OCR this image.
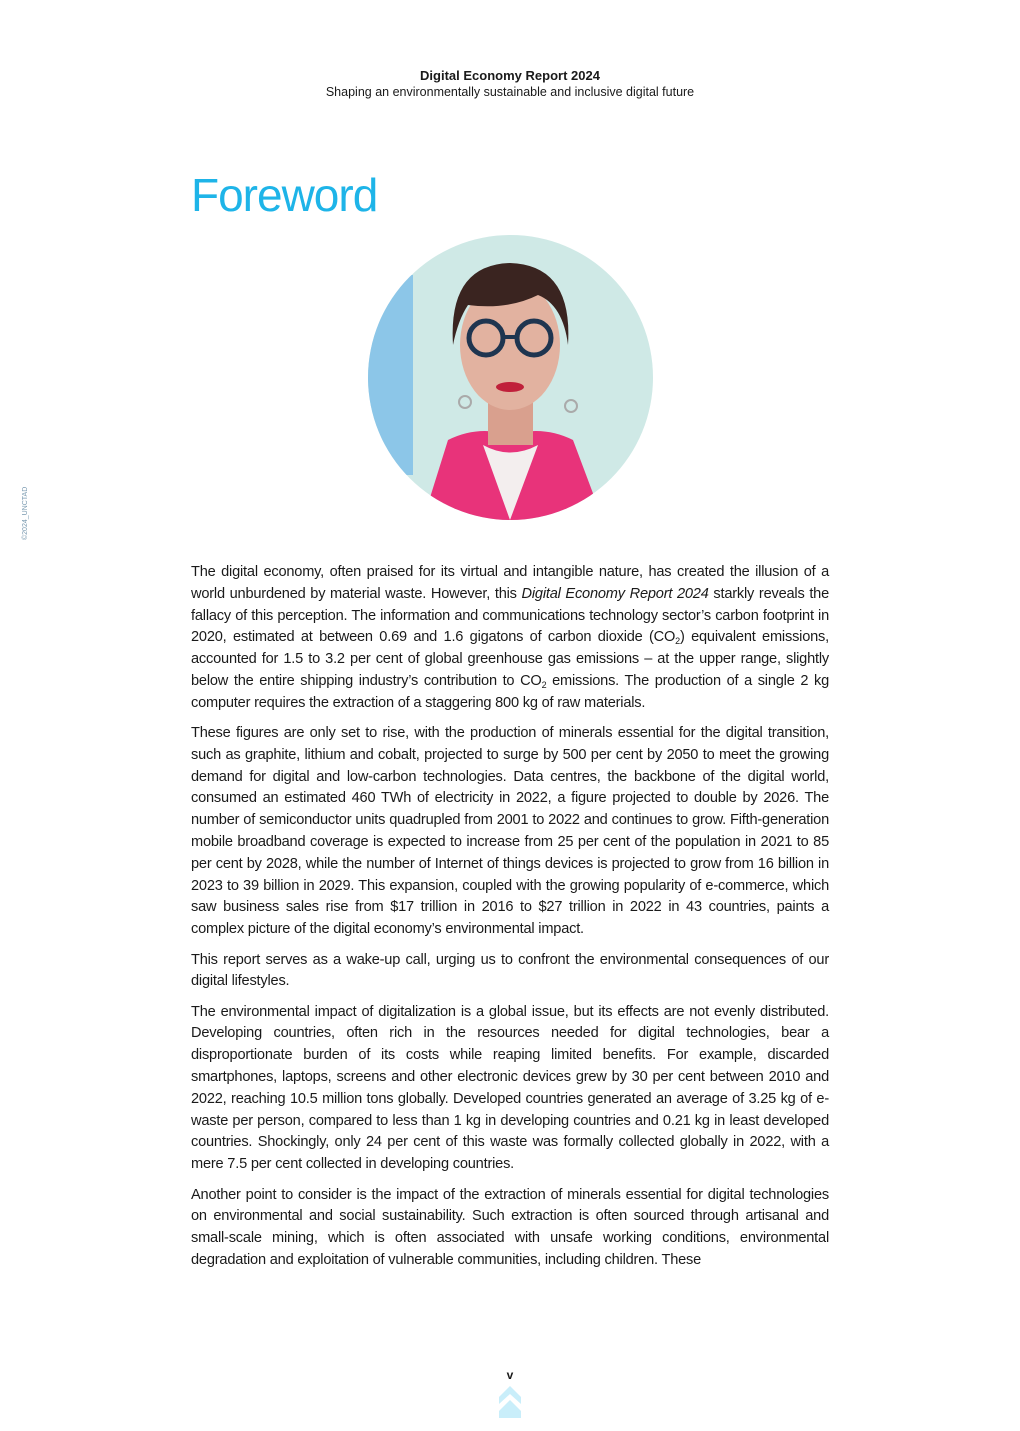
Digital Economy Report 2024
Shaping an environmentally sustainable and inclusive digital future
Foreword
©2024_UNCTAD

The digital economy, often praised for its virtual and intangible nature, has created the illusion of a world unburdened by material waste. However, this Digital Economy Report 2024 starkly reveals the fallacy of this perception. The information and communications technology sector’s carbon footprint in 2020, estimated at between 0.69 and 1.6 gigatons of carbon dioxide $(CO_2)$ equivalent emissions, accounted for 1.5 to 3.2 per cent of global greenhouse gas emissions – at the upper range, slightly below the entire shipping industry’s contribution to $CO_2$ emissions. The production of a single 2 kg computer requires the extraction of a staggering 800 kg of raw materials.

These figures are only set to rise, with the production of minerals essential for the digital transition, such as graphite, lithium and cobalt, projected to surge by 500 per cent by 2050 to meet the growing demand for digital and low-carbon technologies. Data centres, the backbone of the digital world, consumed an estimated 460 TWh of electricity in 2022, a figure projected to double by 2026. The number of semiconductor units quadrupled from 2001 to 2022 and continues to grow. Fifth-generation mobile broadband coverage is expected to increase from 25 per cent of the population in 2021 to 85 per cent by 2028, while the number of Internet of things devices is projected to grow from 16 billion in 2023 to 39 billion in 2029. This expansion, coupled with the growing popularity of e-commerce, which saw business sales rise from $17 trillion in 2016 to $27 trillion in 2022 in 43 countries, paints a complex picture of the digital economy’s environmental impact.

This report serves as a wake-up call, urging us to confront the environmental consequences of our digital lifestyles.

The environmental impact of digitalization is a global issue, but its effects are not evenly distributed. Developing countries, often rich in the resources needed for digital technologies, bear a disproportionate burden of its costs while reaping limited benefits. For example, discarded smartphones, laptops, screens and other electronic devices grew by 30 per cent between 2010 and 2022, reaching 10.5 million tons globally. Developed countries generated an average of 3.25 kg of e-waste per person, compared to less than 1 kg in developing countries and 0.21 kg in least developed countries. Shockingly, only 24 per cent of this waste was formally collected globally in 2022, with a mere 7.5 per cent collected in developing countries.

Another point to consider is the impact of the extraction of minerals essential for digital technologies on environmental and social sustainability. Such extraction is often sourced through artisanal and small-scale mining, which is often associated with unsafe working conditions, environmental degradation and exploitation of vulnerable communities, including children. These

v
